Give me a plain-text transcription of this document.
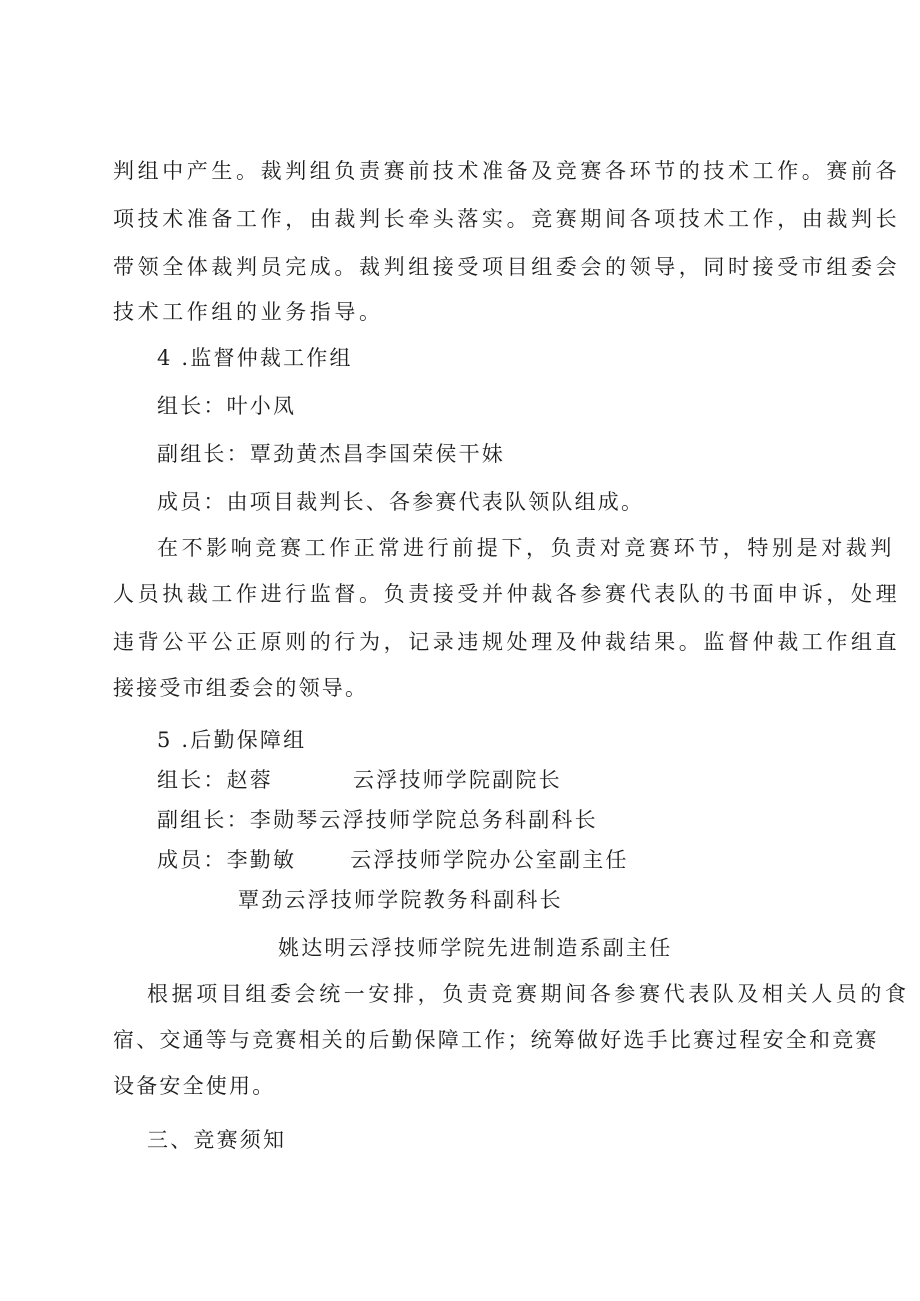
判组中产生。裁判组负责赛前技术准备及竞赛各环节的技术工作。赛前各
项技术准备工作，由裁判长牵头落实。竞赛期间各项技术工作，由裁判长
带领全体裁判员完成。裁判组接受项目组委会的领导，同时接受市组委会
技术工作组的业务指导。
4 .监督仲裁工作组
组长：叶小凤
副组长：覃劲黄杰昌李国荣侯干妹
成员：由项目裁判长、各参赛代表队领队组成。
在不影响竞赛工作正常进行前提下，负责对竞赛环节，特别是对裁判
人员执裁工作进行监督。负责接受并仲裁各参赛代表队的书面申诉，处理
违背公平公正原则的行为，记录违规处理及仲裁结果。监督仲裁工作组直
接接受市组委会的领导。
5 .后勤保障组
组长：赵蓉	云浮技师学院副院长
副组长：李勋琴云浮技师学院总务科副科长
成员：李勤敏	云浮技师学院办公室副主任
覃劲云浮技师学院教务科副科长
姚达明云浮技师学院先进制造系副主任
根据项目组委会统一安排，负责竞赛期间各参赛代表队及相关人员的食
宿、交通等与竞赛相关的后勤保障工作；统筹做好选手比赛过程安全和竞赛
设备安全使用。
三、竞赛须知
